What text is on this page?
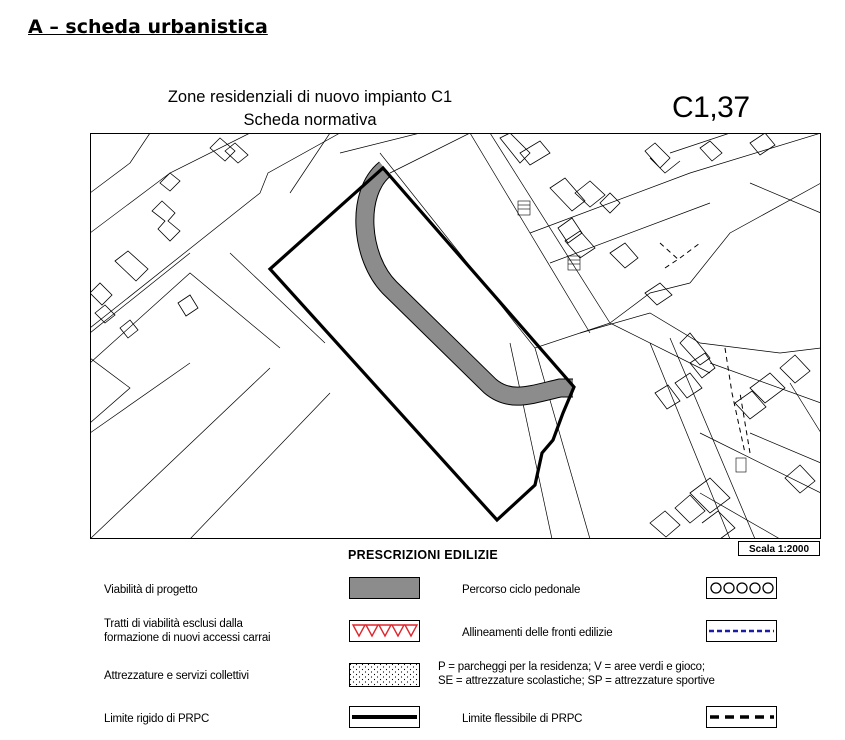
A – scheda urbanistica
Zone residenziali di nuovo impianto C1
Scheda normativa	C1,37
Scala 1:2000
PRESCRIZIONI EDILIZIE
Viabilità di progetto	Percorso ciclo pedonale
Tratti di viabilità esclusi dalla
formazione di nuovi accessi carrai	Allineamenti delle fronti edilizie
Attrezzature e servizi collettivi
P = parcheggi per la residenza; V = aree verdi e gioco;
SE = attrezzature scolastiche; SP = attrezzature sportive
Limite rigido di PRPC	Limite flessibile di PRPC
